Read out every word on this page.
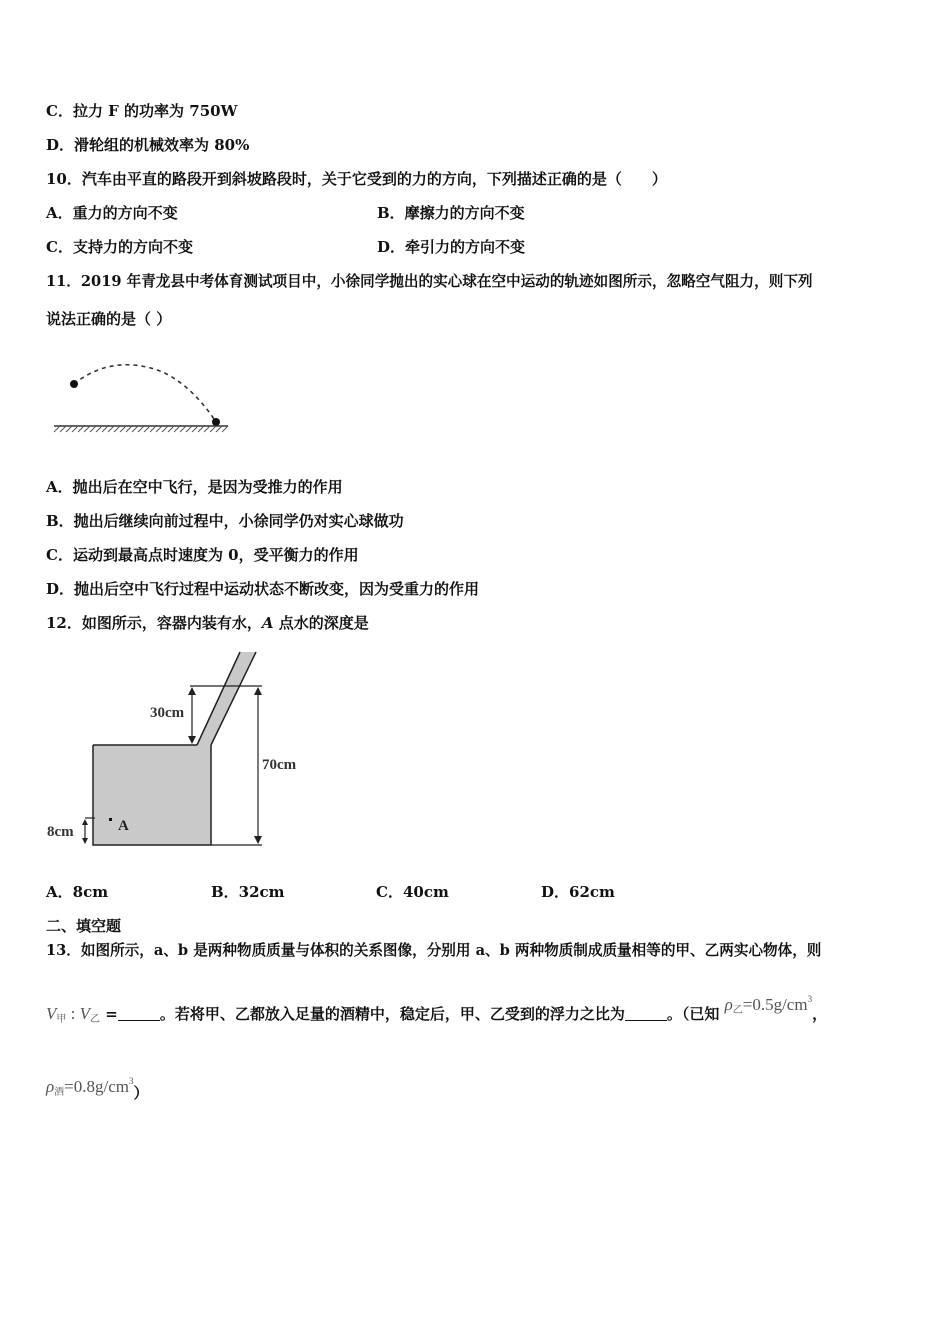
C．拉力 F 的功率为 750W
D．滑轮组的机械效率为 80%
10．汽车由平直的路段开到斜坡路段时，关于它受到的力的方向，下列描述正确的是（　　）
A．重力的方向不变	B．摩擦力的方向不变
C．支持力的方向不变	D．牵引力的方向不变
11．2019 年青龙县中考体育测试项目中，小徐同学抛出的实心球在空中运动的轨迹如图所示，忽略空气阻力，则下列
说法正确的是（ ）
A．抛出后在空中飞行，是因为受推力的作用
B．抛出后继续向前过程中，小徐同学仍对实心球做功
C．运动到最高点时速度为 0，受平衡力的作用
D．抛出后空中飞行过程中运动状态不断改变，因为受重力的作用
12．如图所示，容器内装有水，A 点水的深度是
30cm
70cm
8cm	A
A．8cm	B．32cm	C．40cm	D．62cm
二、填空题
13．如图所示，a、b 是两种物质质量与体积的关系图像，分别用 a、b 两种物质制成质量相等的甲、乙两实心物体，则
$V_甲$ : $V_乙$ =	。若将甲、乙都放入足量的酒精中，稳定后，甲、乙受到的浮力之比为	。（已知 $\rho_乙=0.5g/cm^3$，
$\rho_酒=0.8g/cm^3$）
